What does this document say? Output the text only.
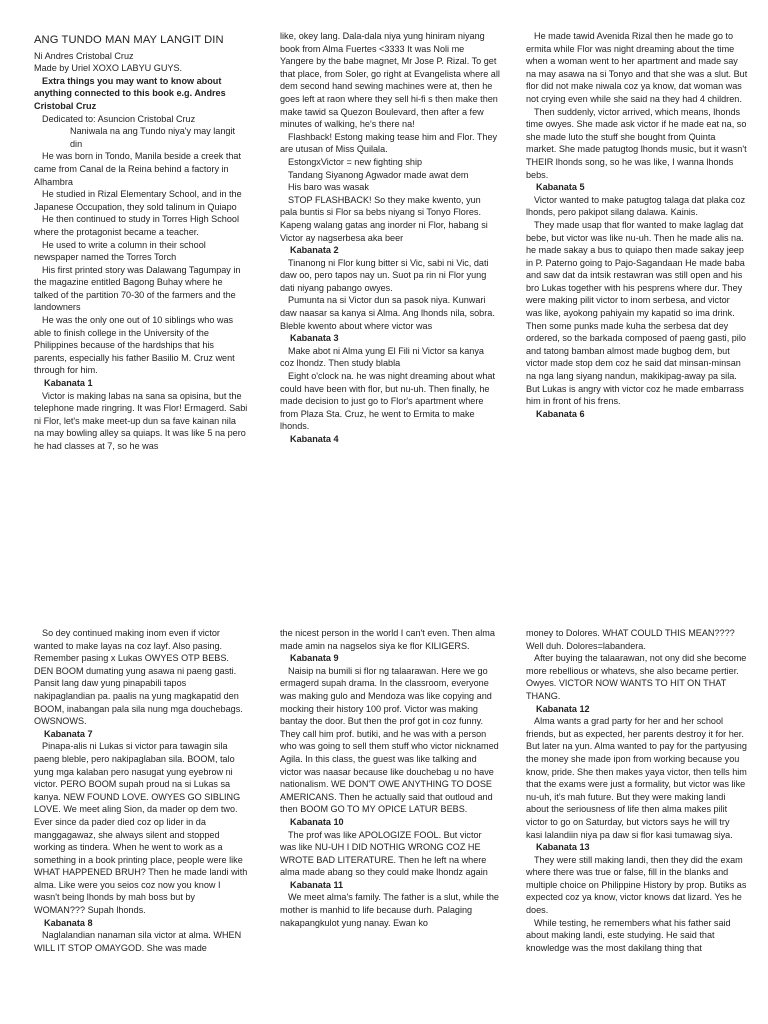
ANG TUNDO MAN MAY LANGIT DIN

Ni Andres Cristobal Cruz

Made by Uriel XOXO LABYU GUYS.

Extra things you may want to know about anything connected to this book e.g. Andres Cristobal Cruz

Dedicated to: Asuncion Cristobal Cruz

Naniwala na ang Tundo niya'y may langit din

He was born in Tondo, Manila beside a creek that came from Canal de la Reina behind a factory in Alhambra

He studied in Rizal Elementary School, and in the Japanese Occupation, they sold talinum in Quiapo

He then continued to study in Torres High School where the protagonist became a teacher.

He used to write a column in their school newspaper named the Torres Torch

His first printed story was Dalawang Tagumpay in the magazine entitled Bagong Buhay where he talked of the partition 70-30 of the farmers and the landowners

He was the only one out of 10 siblings who was able to finish college in the University of the Philippines because of the hardships that his parents, especially his father Basilio M. Cruz went through for him.

Kabanata 1

Victor is making labas na sana sa opisina, but the telephone made ringring. It was Flor! Ermagerd. Sabi ni Flor, let's make meet-up dun sa fave kainan nila na may bowling alley sa quiaps. It was like 5 na pero he had classes at 7, so he was

like, okey lang. Dala-dala niya yung hiniram niyang book from Alma Fuertes <3333 It was Noli me Yangere by the babe magnet, Mr Jose P. Rizal. To get that place, from Soler, go right at Evangelista where all dem second hand sewing machines were at, then he goes left at raon where they sell hi-fi s then make then make tawid sa Quezon Boulevard, then after a few minutes of walking, he's there na!

Flashback! Estong making tease him and Flor. They are utusan of Miss Quilala.

EstongxVictor = new fighting ship

Tandang Siyanong Agwador made awat dem

His baro was wasak

STOP FLASHBACK! So they make kwento, yun pala buntis si Flor sa bebs niyang si Tonyo Flores. Kapeng walang gatas ang inorder ni Flor, habang si Victor ay nagserbesa aka beer

Kabanata 2

Tinanong ni Flor kung bitter si Vic, sabi ni Vic, dati daw oo, pero tapos nay un. Suot pa rin ni Flor yung dati niyang pabango owyes.

Pumunta na si Victor dun sa pasok niya. Kunwari daw naasar sa kanya si Alma. Ang lhonds nila, sobra. Bleble kwento about where victor was

Kabanata 3

Make abot ni Alma yung El Fili ni Victor sa kanya coz lhondz. Then study blabla

Eight o'clock na. he was night dreaming about what could have been with flor, but nu-uh. Then finally, he made decision to just go to Flor's apartment where from Plaza Sta. Cruz, he went to Ermita to make lhonds.

Kabanata 4

He made tawid Avenida Rizal then he made go to ermita while Flor was night dreaming about the time when a woman went to her apartment and made say na may asawa na si Tonyo and that she was a slut. But flor did not make niwala coz ya know, dat woman was not crying even while she said na they had 4 children.

Then suddenly, victor arrived, which means, lhonds time owyes. She made ask victor if he made eat na, so she made luto the stuff she bought from Quinta market. She made patugtog lhonds music, but it wasn't THEIR lhonds song, so he was like, I wanna lhonds bebs.

Kabanata 5

Victor wanted to make patugtog talaga dat plaka coz lhonds, pero pakipot silang dalawa. Kainis.

They made usap that flor wanted to make laglag dat bebe, but victor was like nu-uh. Then he made alis na. he made sakay a bus to quiapo then made sakay jeep in P. Paterno going to Pajo-Sagandaan He made baba and saw dat da intsik restawran was still open and his bro Lukas together with his pesprens where dur. They were making pilit victor to inom serbesa, and victor was like, ayokong pahiyain my kapatid so ima drink. Then some punks made kuha the serbesa dat dey ordered, so the barkada composed of paeng gasti, pilo and tatong bamban almost made bugbog dem, but victor made stop dem coz he said dat minsan-minsan na nga lang siyang nandun, makikipag-away pa sila. But Lukas is angry with victor coz he made embarrass him in front of his frens.

Kabanata 6

So dey continued making inom even if victor wanted to make layas na coz layf. Also pasing. Remember pasing x Lukas OWYES OTP BEBS. DEN BOOM dumating yung asawa ni paeng gasti. Pansit lang daw yung pinapabili tapos nakipaglandian pa. paalis na yung magkapatid den BOOM, inabangan pala sila nung mga douchebags. OWSNOWS.

Kabanata 7

Pinapa-alis ni Lukas si victor para tawagin sila paeng bleble, pero nakipaglaban sila. BOOM, talo yung mga kalaban pero nasugat yung eyebrow ni victor. PERO BOOM supah proud na si Lukas sa kanya. NEW FOUND LOVE. OWYES GO SIBLING LOVE. We meet aling Sion, da mader op dem two. Ever since da pader died coz op lider in da manggagawaz, she always silent and stopped working as tindera. When he went to work as a something in a book printing place, people were like WHAT HAPPENED BRUH? Then he made landi with alma. Like were you seios coz now you know I wasn't being lhonds by mah boss but by WOMAN??? Supah lhonds.

Kabanata 8

Naglalandian nanaman sila victor at alma. WHEN WILL IT STOP OMAYGOD. She was made

the nicest person in the world I can't even. Then alma made amin na nagselos siya ke flor KILIGERS.

Kabanata 9

Naisip na bumili si flor ng talaarawan. Here we go ermagerd supah drama. In the classroom, everyone was making gulo and Mendoza was like copying and mocking their history 100 prof. Victor was making bantay the door. But then the prof got in coz funny. They call him prof. butiki, and he was with a person who was going to sell them stuff who victor nicknamed Agila. In this class, the guest was like talking and victor was naasar because like douchebag u no have nationalism. WE DON'T OWE ANYTHING TO DOSE AMERICANS. Then he actually said that outloud and then BOOM GO TO MY OPICE LATUR BEBS.

Kabanata 10

The prof was like APOLOGIZE FOOL. But victor was like NU-UH I DID NOTHIG WRONG COZ HE WROTE BAD LITERATURE. Then he left na where alma made abang so they could make lhondz again

Kabanata 11

We meet alma's family. The father is a slut, while the mother is manhid to life because durh. Palaging nakapangkulot yung nanay. Ewan ko

money to Dolores. WHAT COULD THIS MEAN???? Well duh. Dolores=labandera.

After buying the talaarawan, not ony did she become more rebellious or whatevs, she also became pertier. Owyes. VICTOR NOW WANTS TO HIT ON THAT THANG.

Kabanata 12

Alma wants a grad party for her and her school friends, but as expected, her parents destroy it for her. But later na yun. Alma wanted to pay for the partyusing the money she made ipon from working because you know, pride. She then makes yaya victor, then tells him that the exams were just a formality, but victor was like nu-uh, it's mah future. But they were making landi about the seriousness of life then alma makes pilit victor to go on Saturday, but victors says he will try kasi lalandiin niya pa daw si flor kasi tumawag siya.

Kabanata 13

They were still making landi, then they did the exam where there was true or false, fill in the blanks and multiple choice on Philippine History by prop. Butiks as expected coz ya know, victor knows dat lizard. Yes he does.

While testing, he remembers what his father said about making landi, este studying. He said that knowledge was the most dakilang thing that
